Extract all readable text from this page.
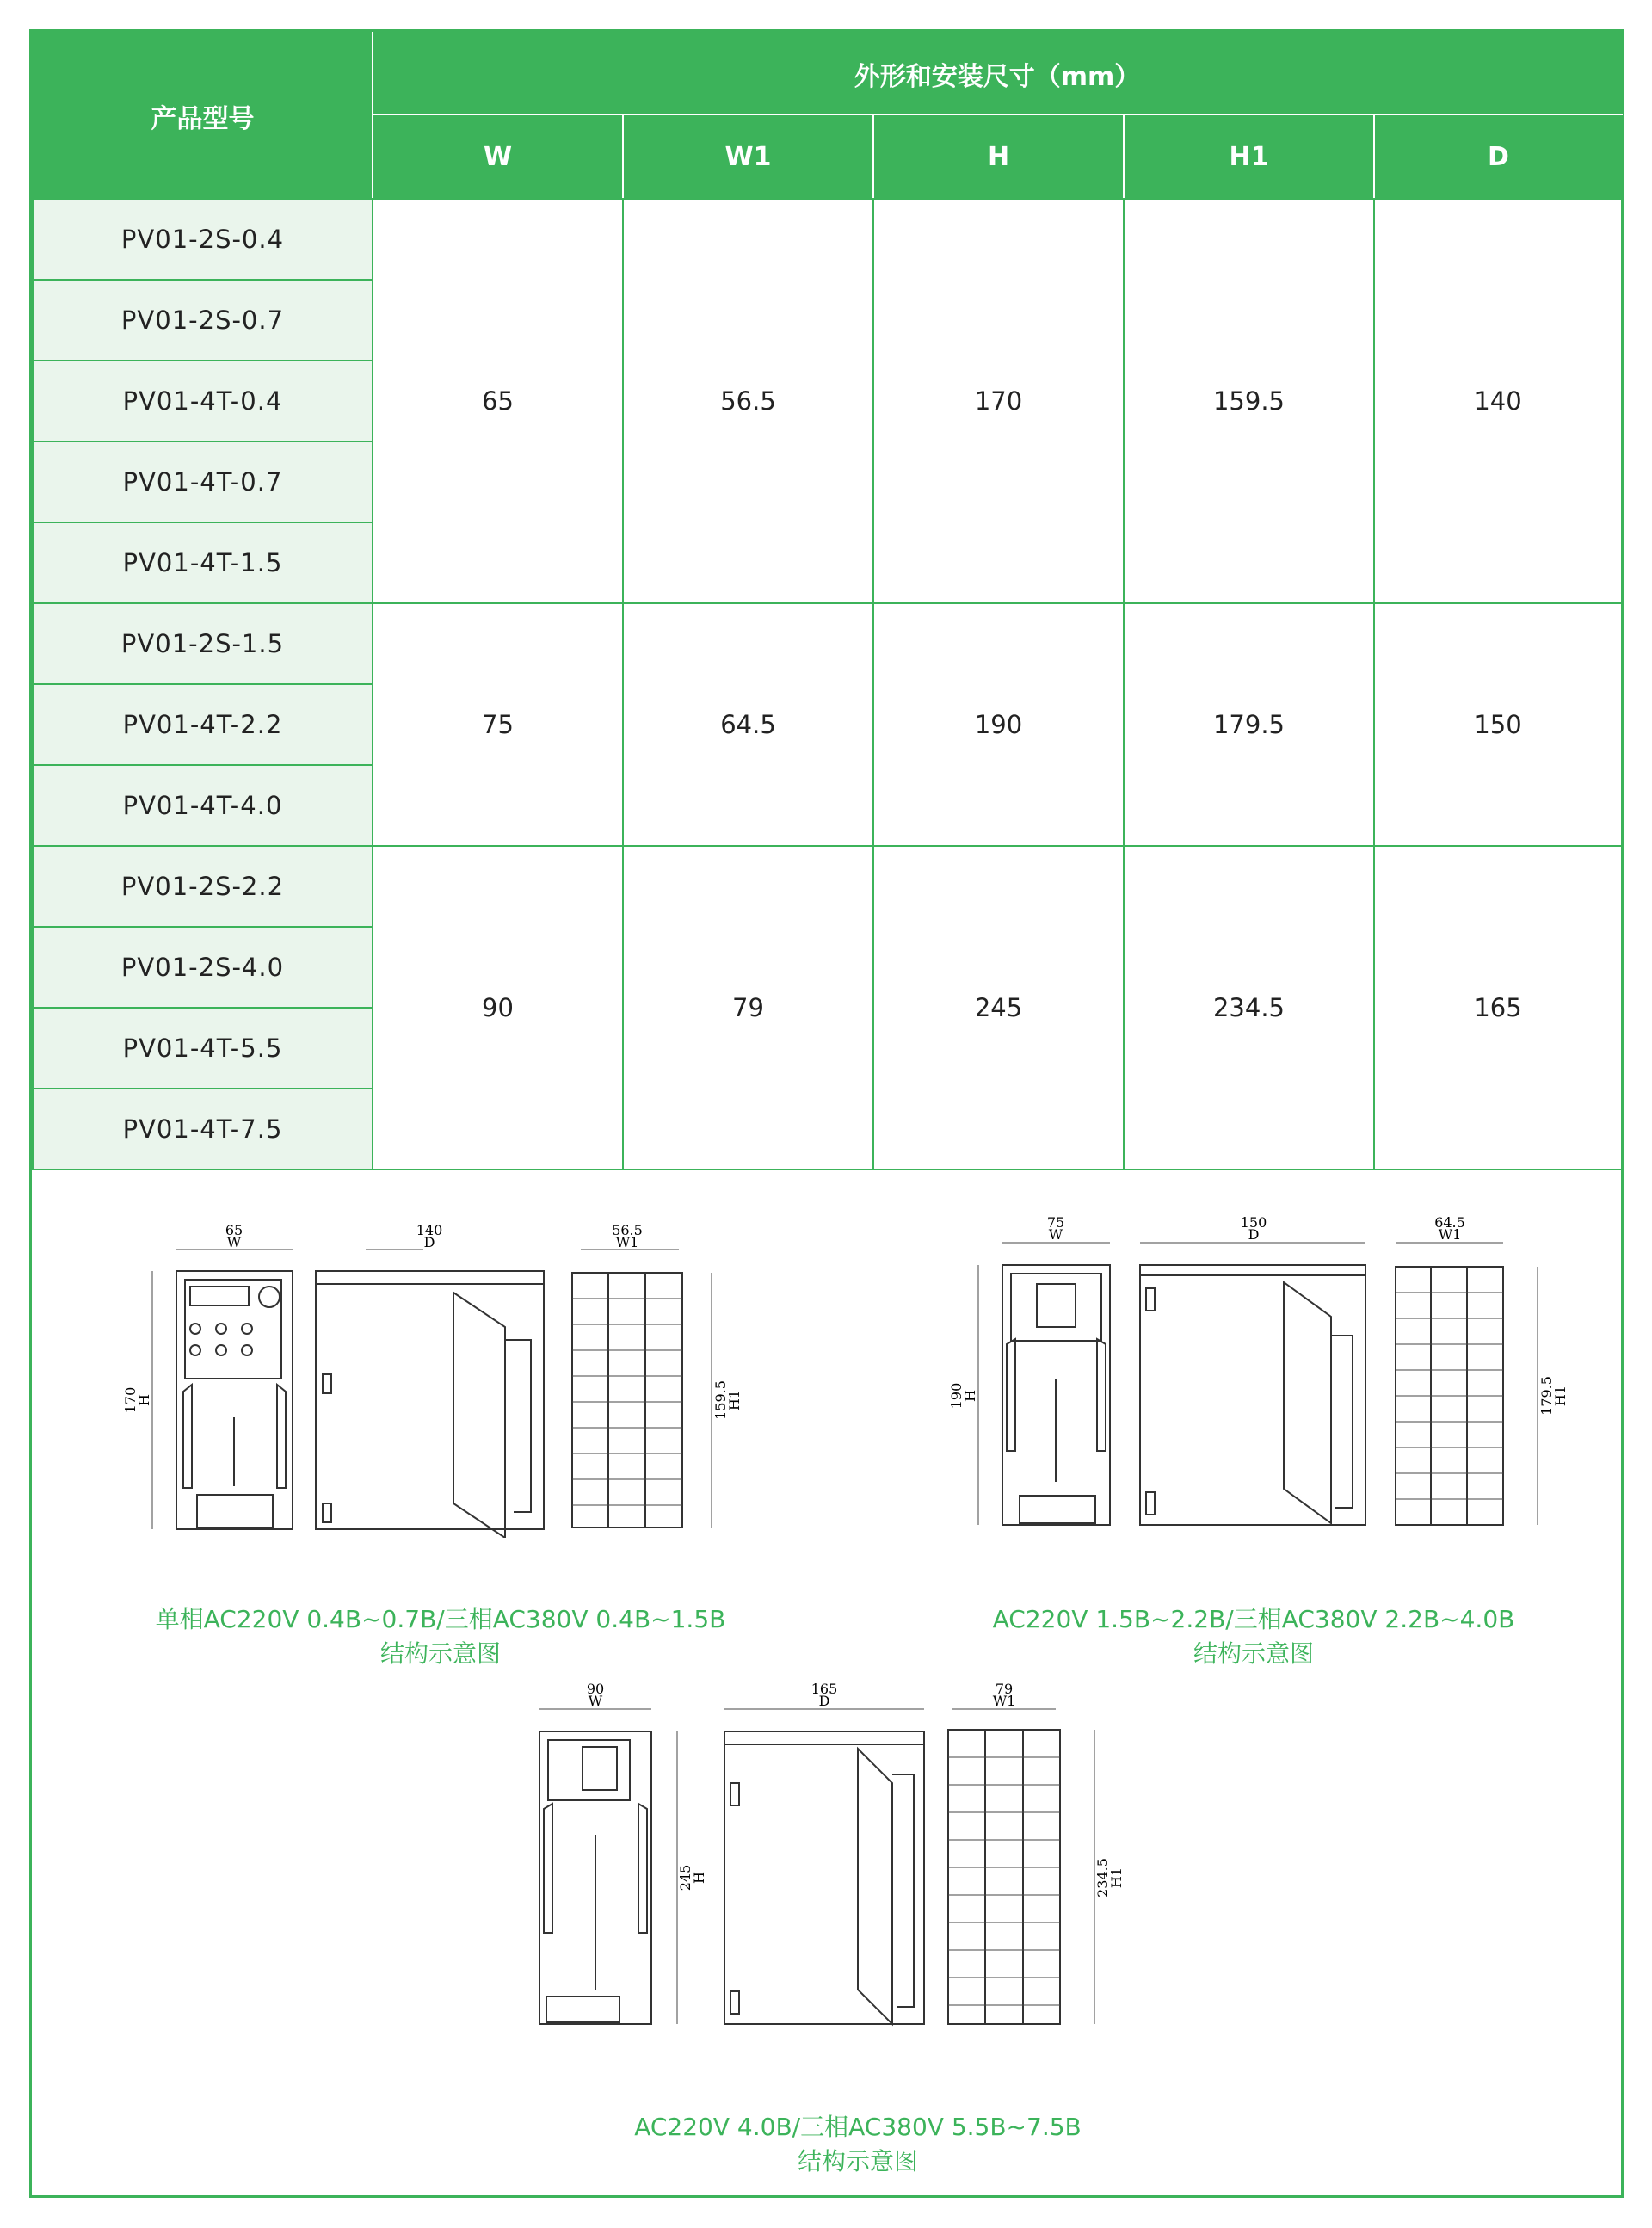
产品型号	外形和安装尺寸（mm）				
	W	W1	H	H1	D
PV01-2S-0.4	65	56.5	170	159.5	140
PV01-2S-0.7					
PV01-4T-0.4					
PV01-4T-0.7					
PV01-4T-1.5					
PV01-2S-1.5	75	64.5	190	179.5	150
PV01-4T-2.2					
PV01-4T-4.0					
PV01-2S-2.2	90	79	245	234.5	165
PV01-2S-4.0					
PV01-4T-5.5					
PV01-4T-7.5					
65
W
140
D
56.5
W1
170
H	159.5
H1
单相AC220V 0.4B~0.7B/三相AC380V 0.4B~1.5B
结构示意图
75
W
150
D
64.5
W1
190
H	179.5
H1
AC220V 1.5B~2.2B/三相AC380V 2.2B~4.0B
结构示意图
90
W
165
D
79
W1
245
H	234.5
H1
AC220V 4.0B/三相AC380V 5.5B~7.5B
结构示意图
